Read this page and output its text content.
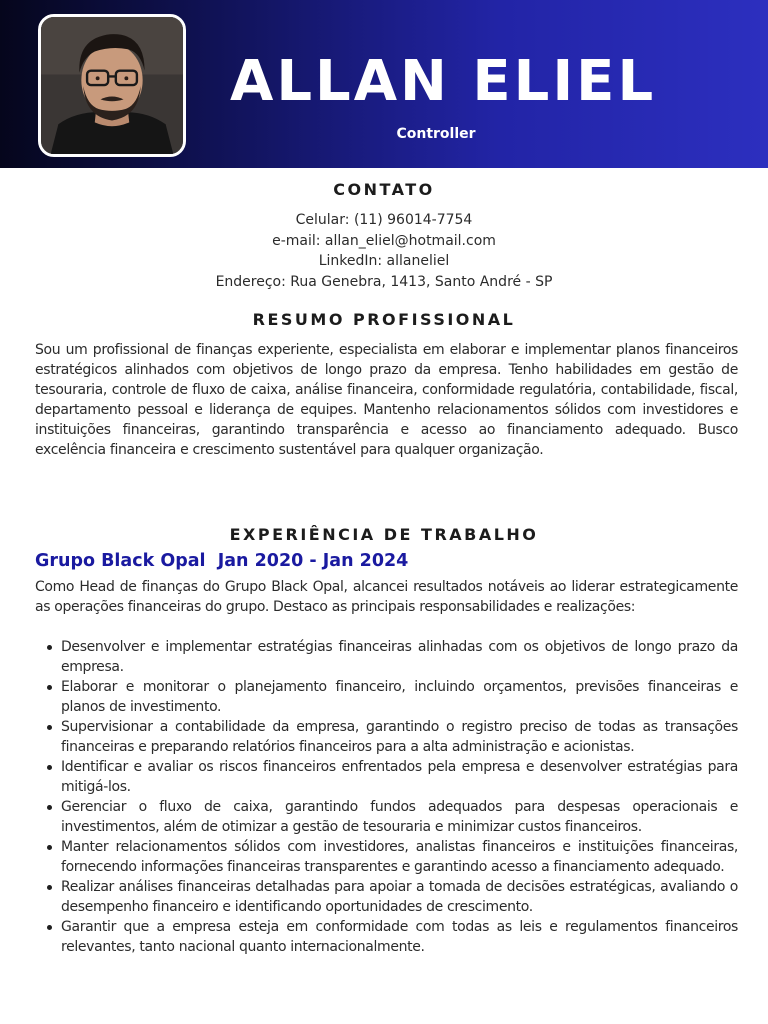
ALLAN ELIEL
Controller
CONTATO
Celular: (11) 96014-7754
e-mail: allan_eliel@hotmail.com
LinkedIn: allaneliel
Endereço: Rua Genebra, 1413, Santo André - SP
RESUMO PROFISSIONAL
Sou um profissional de finanças experiente, especialista em elaborar e implementar planos financeiros estratégicos alinhados com objetivos de longo prazo da empresa. Tenho habilidades em gestão de tesouraria, controle de fluxo de caixa, análise financeira, conformidade regulatória, contabilidade, fiscal, departamento pessoal e liderança de equipes. Mantenho relacionamentos sólidos com investidores e instituições financeiras, garantindo transparência e acesso ao financiamento adequado. Busco excelência financeira e crescimento sustentável para qualquer organização.
EXPERIÊNCIA DE TRABALHO
Grupo Black Opal  Jan 2020 - Jan 2024
Como Head de finanças do Grupo Black Opal, alcancei resultados notáveis ao liderar estrategicamente as operações financeiras do grupo. Destaco as principais responsabilidades e realizações:
Desenvolver e implementar estratégias financeiras alinhadas com os objetivos de longo prazo da empresa.
Elaborar e monitorar o planejamento financeiro, incluindo orçamentos, previsões financeiras e planos de investimento.
Supervisionar a contabilidade da empresa, garantindo o registro preciso de todas as transações financeiras e preparando relatórios financeiros para a alta administração e acionistas.
Identificar e avaliar os riscos financeiros enfrentados pela empresa e desenvolver estratégias para mitigá-los.
Gerenciar o fluxo de caixa, garantindo fundos adequados para despesas operacionais e investimentos, além de otimizar a gestão de tesouraria e minimizar custos financeiros.
Manter relacionamentos sólidos com investidores, analistas financeiros e instituições financeiras, fornecendo informações financeiras transparentes e garantindo acesso a financiamento adequado.
Realizar análises financeiras detalhadas para apoiar a tomada de decisões estratégicas, avaliando o desempenho financeiro e identificando oportunidades de crescimento.
Garantir que a empresa esteja em conformidade com todas as leis e regulamentos financeiros relevantes, tanto nacional quanto internacionalmente.
